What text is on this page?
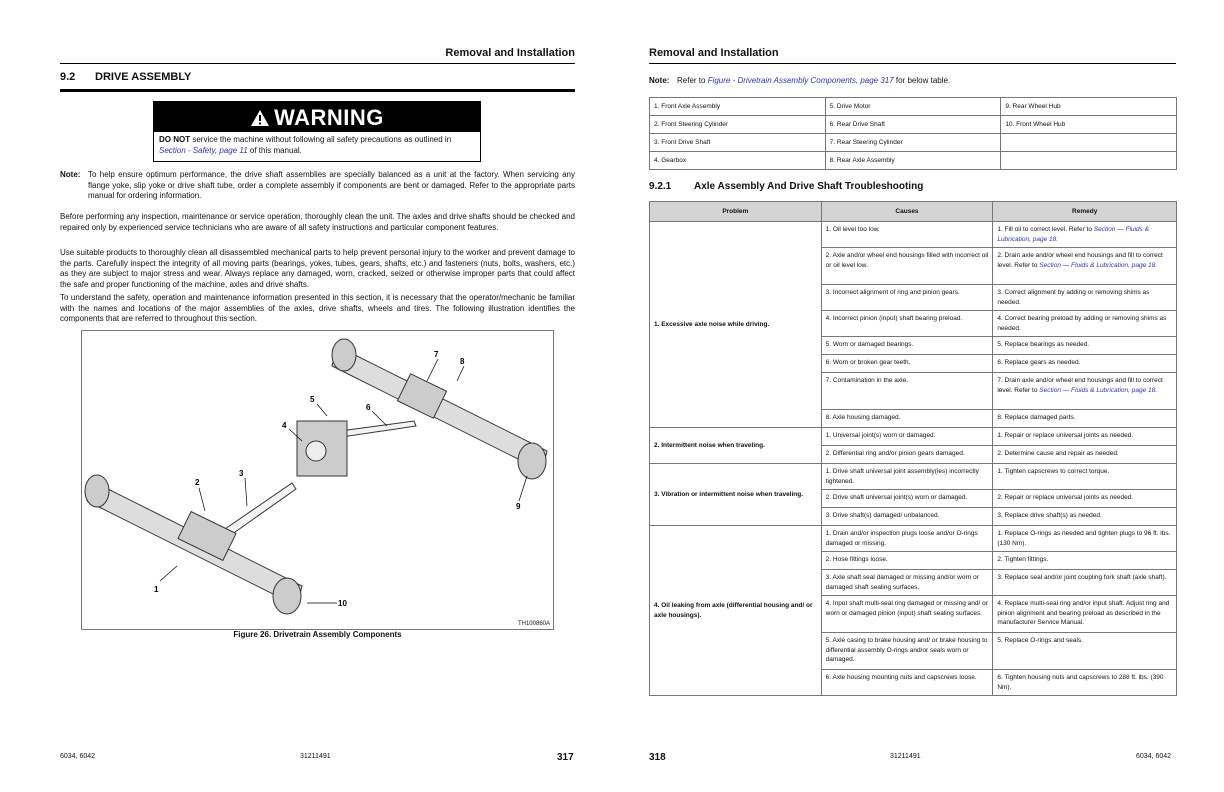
Removal and Installation
9.2 DRIVE ASSEMBLY
WARNING
DO NOT service the machine without following all safety precautions as outlined in
Section - Safety, page 11 of this manual.
Note: To help ensure optimum performance, the drive shaft assemblies are specially balanced as a unit at the factory. When servicing any flange yoke, slip yoke or drive shaft tube, order a complete assembly if components are bent or damaged. Refer to the appropriate parts manual for ordering information.
Before performing any inspection, maintenance or service operation, thoroughly clean the unit. The axles and drive shafts should be checked and repaired only by experienced service technicians who are aware of all safety instructions and particular component features.
Use suitable products to thoroughly clean all disassembled mechanical parts to help prevent personal injury to the worker and prevent damage to the parts. Carefully inspect the integrity of all moving parts (bearings, yokes, tubes, gears, shafts, etc.) and fasteners (nuts, bolts, washers, etc.) as they are subject to major stress and wear. Always replace any damaged, worn, cracked, seized or otherwise improper parts that could affect the safe and proper functioning of the machine, axles and drive shafts.
To understand the safety, operation and maintenance information presented in this section, it is necessary that the operator/mechanic be familiar with the names and locations of the major assemblies of the axles, drive shafts, wheels and tires. The following illustration identifies the components that are referred to throughout this section.
1
2
3
4
5
6
7
8
9
10
TH100860A
Figure 26. Drivetrain Assembly Components
6034, 6042	31211491	317
Removal and Installation
Note: Refer to Figure - Drivetrain Assembly Components, page 317 for below table.
1. Front Axle Assembly	5. Drive Motor	9. Rear Wheel Hub
2. Front Steering Cylinder	6. Rear Drive Shaft	10. Front Wheel Hub
3. Front Drive Shaft	7. Rear Steering Cylinder	
4. Gearbox	8. Rear Axle Assembly	
9.2.1 Axle Assembly And Drive Shaft Troubleshooting
Problem	Causes	Remedy
1. Excessive axle noise while driving.	1. Oil level too low.	1. Fill oil to correct level. Refer to Section — Fluids & Lubrication, page 18.
	2. Axle and/or wheel end housings filled with incorrect oil or oil level low.	2. Drain axle and/or wheel end housings and fill to correct level. Refer to Section — Fluids & Lubrication, page 18.
	3. Incorrect alignment of ring and pinion gears.	3. Correct alignment by adding or removing shims as needed.
	4. Incorrect pinion (input) shaft bearing preload.	4. Correct bearing preload by adding or removing shims as needed.
	5. Worn or damaged bearings.	5. Replace bearings as needed.
	6. Worn or broken gear teeth.	6. Replace gears as needed.
	7. Contamination in the axle.	7. Drain axle and/or wheel end housings and fill to correct level. Refer to Section — Fluids & Lubrication, page 18.
	8. Axle housing damaged.	8. Replace damaged parts.
2. Intermittent noise when traveling.	1. Universal joint(s) worn or damaged.	1. Repair or replace universal joints as needed.
	2. Differential ring and/or pinion gears damaged.	2. Determine cause and repair as needed.
3. Vibration or intermittent noise when traveling.	1. Drive shaft universal joint assembly(ies) incorrectly tightened.	1. Tighten capscrews to correct torque.
	2. Drive shaft universal joint(s) worn or damaged.	2. Repair or replace universal joints as needed.
	3. Drive shaft(s) damaged/ unbalanced.	3. Replace drive shaft(s) as needed.
4. Oil leaking from axle (differential housing and/ or axle housings).	1. Drain and/or inspection plugs loose and/or O-rings damaged or missing.	1. Replace O-rings as needed and tighten plugs to 96 ft. lbs. (130 Nm).
	2. Hose fittings loose.	2. Tighten fittings.
	3. Axle shaft seal damaged or missing and/or worn or damaged shaft sealing surfaces.	3. Replace seal and/or joint coupling fork shaft (axle shaft).
	4. Input shaft multi-seal ring damaged or missing and/ or worn or damaged pinion (input) shaft sealing surfaces.	4. Replace multi-seal ring and/or input shaft. Adjust ring and pinion alignment and bearing preload as described in the manufacturer Service Manual.
	5. Axle casing to brake housing and/ or brake housing to differential assembly O-rings and/or seals worn or damaged.	5. Replace O-rings and seals.
	6. Axle housing mounting nuts and capscrews loose.	6. Tighten housing nuts and capscrews to 288 ft. lbs. (390 Nm).
318	31211491	6034, 6042
